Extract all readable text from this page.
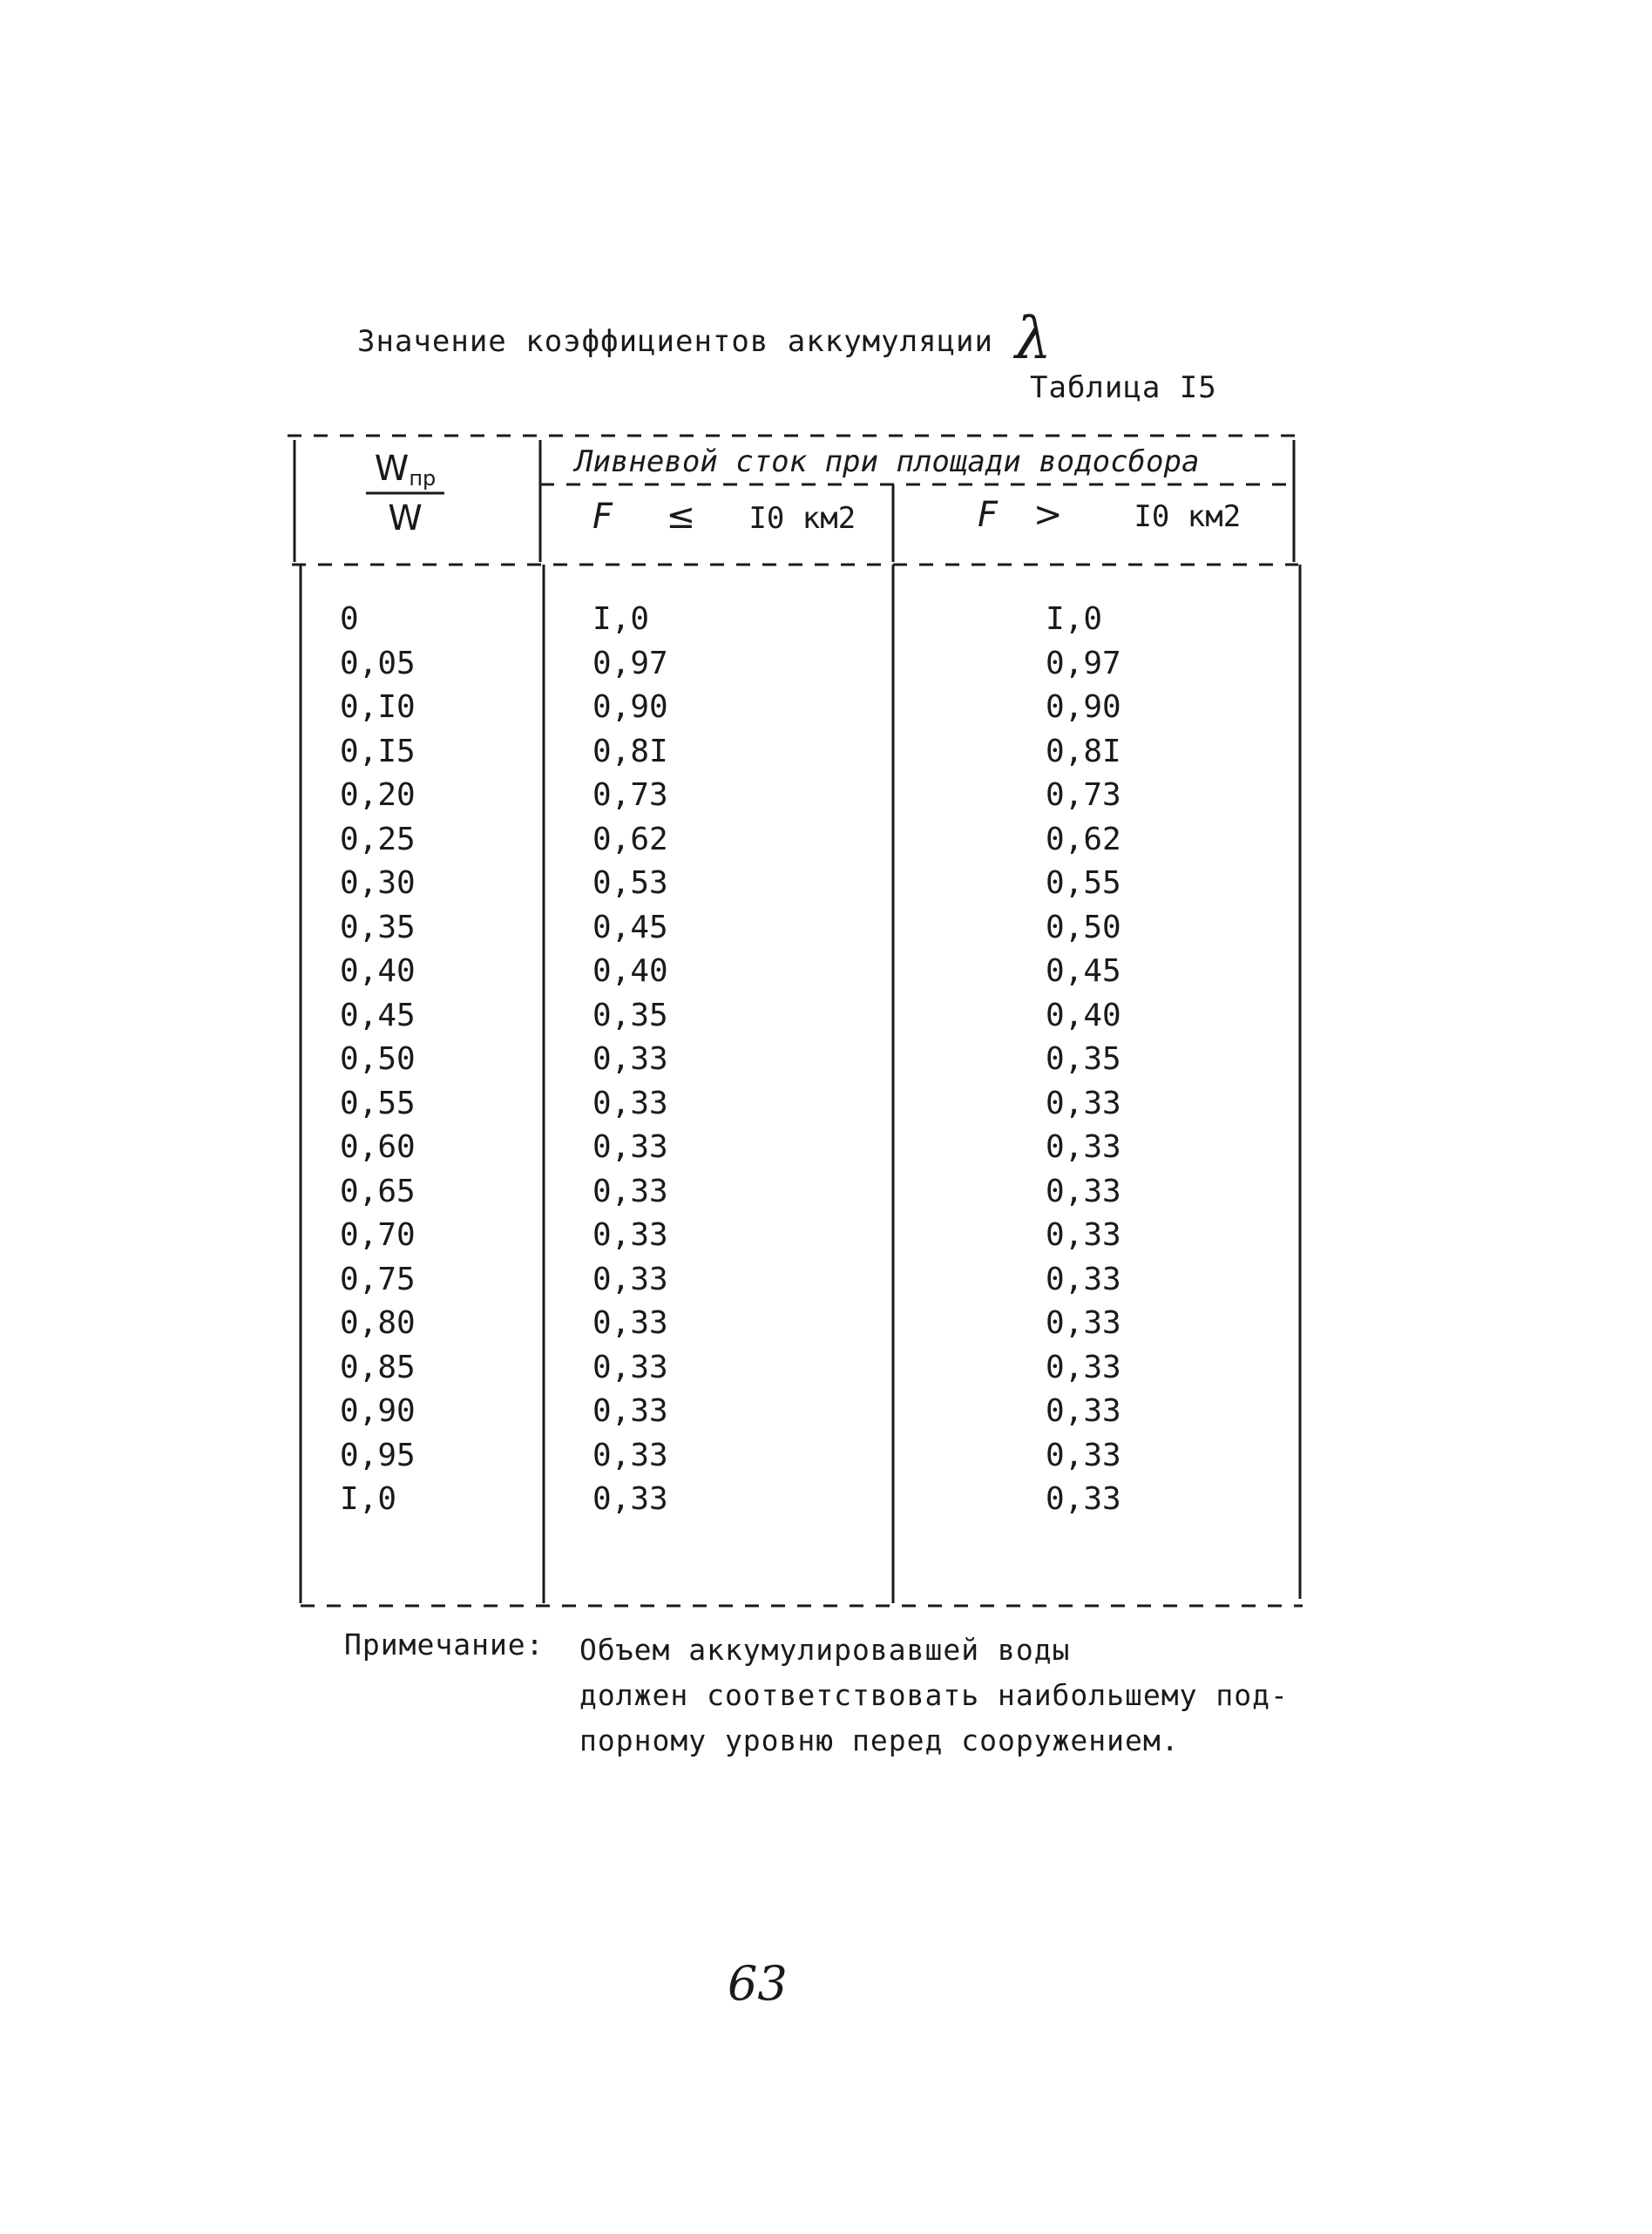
Значение коэффициентов аккумуляции λ
Таблица I5
$W_{пр}$
W
Ливневой сток при площади водосбора
F ≤ I0 км2	F > I0 км2
0	I,0	I,0
0,05	0,97	0,97
0,I0	0,90	0,90
0,I5	0,8I	0,8I
0,20	0,73	0,73
0,25	0,62	0,62
0,30	0,53	0,55
0,35	0,45	0,50
0,40	0,40	0,45
0,45	0,35	0,40
0,50	0,33	0,35
0,55	0,33	0,33
0,60	0,33	0,33
0,65	0,33	0,33
0,70	0,33	0,33
0,75	0,33	0,33
0,80	0,33	0,33
0,85	0,33	0,33
0,90	0,33	0,33
0,95	0,33	0,33
I,0	0,33	0,33
Примечание: Объем аккумулировавшей воды
должен соответствовать наибольшему под-
порному уровню перед сооружением.
63
